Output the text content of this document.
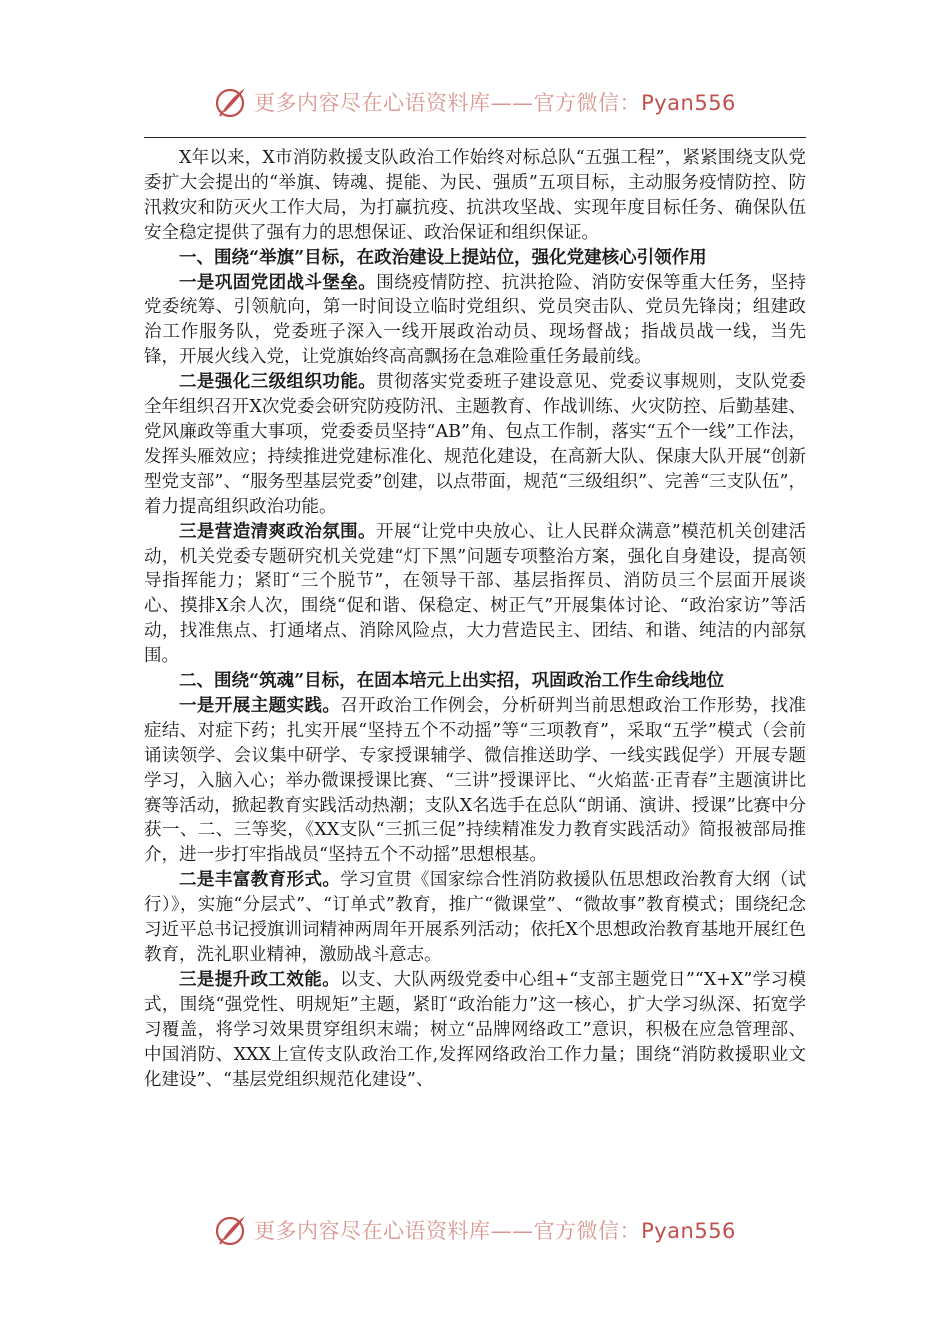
更多内容尽在心语资料库——官方微信：Pyan556

X年以来，X市消防救援支队政治工作始终对标总队“五强工程”，紧紧围绕支队党委扩大会提出的“举旗、铸魂、提能、为民、强质”五项目标，主动服务疫情防控、防汛救灾和防灭火工作大局，为打赢抗疫、抗洪攻坚战、实现年度目标任务、确保队伍安全稳定提供了强有力的思想保证、政治保证和组织保证。

一、围绕“举旗”目标，在政治建设上提站位，强化党建核心引领作用

一是巩固党团战斗堡垒。围绕疫情防控、抗洪抢险、消防安保等重大任务，坚持党委统筹、引领航向，第一时间设立临时党组织、党员突击队、党员先锋岗；组建政治工作服务队，党委班子深入一线开展政治动员、现场督战；指战员战一线，当先锋，开展火线入党，让党旗始终高高飘扬在急难险重任务最前线。

二是强化三级组织功能。贯彻落实党委班子建设意见、党委议事规则，支队党委全年组织召开X次党委会研究防疫防汛、主题教育、作战训练、火灾防控、后勤基建、党风廉政等重大事项，党委委员坚持“AB”角、包点工作制，落实“五个一线”工作法，发挥头雁效应；持续推进党建标准化、规范化建设，在高新大队、保康大队开展“创新型党支部”、“服务型基层党委”创建，以点带面，规范“三级组织”、完善“三支队伍”，着力提高组织政治功能。

三是营造清爽政治氛围。开展“让党中央放心、让人民群众满意”模范机关创建活动，机关党委专题研究机关党建“灯下黑”问题专项整治方案，强化自身建设，提高领导指挥能力；紧盯“三个脱节”，在领导干部、基层指挥员、消防员三个层面开展谈心、摸排X余人次，围绕“促和谐、保稳定、树正气”开展集体讨论、“政治家访”等活动，找准焦点、打通堵点、消除风险点，大力营造民主、团结、和谐、纯洁的内部氛围。

二、围绕“筑魂”目标，在固本培元上出实招，巩固政治工作生命线地位

一是开展主题实践。召开政治工作例会，分析研判当前思想政治工作形势，找准症结、对症下药；扎实开展“坚持五个不动摇”等“三项教育”，采取“五学”模式（会前诵读领学、会议集中研学、专家授课辅学、微信推送助学、一线实践促学）开展专题学习，入脑入心；举办微课授课比赛、“三讲”授课评比、“火焰蓝·正青春”主题演讲比赛等活动，掀起教育实践活动热潮；支队X名选手在总队“朗诵、演讲、授课”比赛中分获一、二、三等奖，《XX支队“三抓三促”持续精准发力教育实践活动》简报被部局推介，进一步打牢指战员“坚持五个不动摇”思想根基。

二是丰富教育形式。学习宣贯《国家综合性消防救援队伍思想政治教育大纲（试行）》，实施“分层式”、“订单式”教育，推广“微课堂”、“微故事”教育模式；围绕纪念习近平总书记授旗训词精神两周年开展系列活动；依托X个思想政治教育基地开展红色教育，洗礼职业精神，激励战斗意志。

三是提升政工效能。以支、大队两级党委中心组+“支部主题党日”“X+X”学习模式，围绕“强党性、明规矩”主题，紧盯“政治能力”这一核心，扩大学习纵深、拓宽学习覆盖，将学习效果贯穿组织末端；树立“品牌网络政工”意识，积极在应急管理部、中国消防、XXX上宣传支队政治工作,发挥网络政治工作力量；围绕“消防救援职业文化建设”、“基层党组织规范化建设”、

更多内容尽在心语资料库——官方微信：Pyan556
